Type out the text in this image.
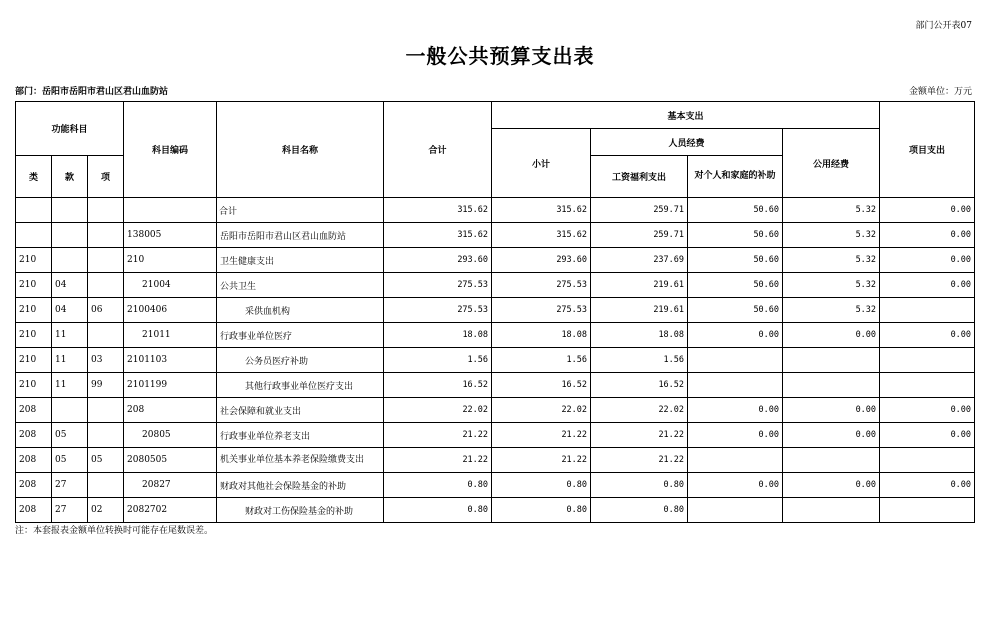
部门公开表07
一般公共预算支出表
部门：岳阳市岳阳市君山区君山血防站	金额单位：万元
功能科目			科目编码	科目名称	合计	基本支出				项目支出
						小计	人员经费		公用经费	
类	款	项					工资福利支出	对个人和家庭的补助		
				合计	315.62	315.62	259.71	50.60	5.32	0.00
			138005	岳阳市岳阳市君山区君山血防站	315.62	315.62	259.71	50.60	5.32	0.00
210			210	卫生健康支出	293.60	293.60	237.69	50.60	5.32	0.00
210	04		21004	公共卫生	275.53	275.53	219.61	50.60	5.32	0.00
210	04	06	2100406	采供血机构	275.53	275.53	219.61	50.60	5.32	
210	11		21011	行政事业单位医疗	18.08	18.08	18.08	0.00	0.00	0.00
210	11	03	2101103	公务员医疗补助	1.56	1.56	1.56			
210	11	99	2101199	其他行政事业单位医疗支出	16.52	16.52	16.52			
208			208	社会保障和就业支出	22.02	22.02	22.02	0.00	0.00	0.00
208	05		20805	行政事业单位养老支出	21.22	21.22	21.22	0.00	0.00	0.00
208	05	05	2080505	机关事业单位基本养老保险缴费支出	21.22	21.22	21.22			
208	27		20827	财政对其他社会保险基金的补助	0.80	0.80	0.80	0.00	0.00	0.00
208	27	02	2082702	财政对工伤保险基金的补助	0.80	0.80	0.80			
注：本套报表金额单位转换时可能存在尾数误差。
